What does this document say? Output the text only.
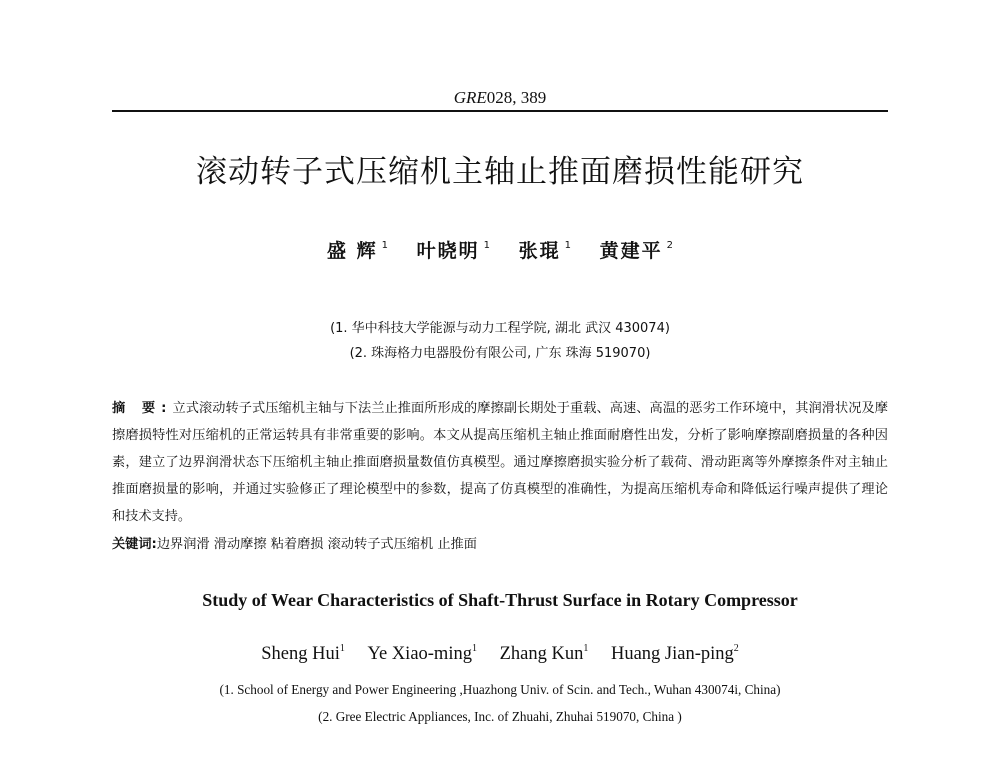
GRE028, 389
滚动转子式压缩机主轴止推面磨损性能研究
盛 辉 $^1$ 叶晓明 $^1$ 张琨 $^1$ 黄建平 $^2$
(1. 华中科技大学能源与动力工程学院, 湖北 武汉 430074)
(2. 珠海格力电器股份有限公司, 广东 珠海 519070)
摘 要:立式滚动转子式压缩机主轴与下法兰止推面所形成的摩擦副长期处于重载、高速、高温的恶劣工作环境中，其润滑状况及摩擦磨损特性对压缩机的正常运转具有非常重要的影响。本文从提高压缩机主轴止推面耐磨性出发，分析了影响摩擦副磨损量的各种因素，建立了边界润滑状态下压缩机主轴止推面磨损量数值仿真模型。通过摩擦磨损实验分析了载荷、滑动距离等外摩擦条件对主轴止推面磨损量的影响，并通过实验修正了理论模型中的参数，提高了仿真模型的准确性，为提高压缩机寿命和降低运行噪声提供了理论和技术支持。
关键词:边界润滑 滑动摩擦 粘着磨损 滚动转子式压缩机 止推面
Study of Wear Characteristics of Shaft-Thrust Surface in Rotary Compressor
Sheng Hui$^1$ Ye Xiao-ming$^1$ Zhang Kun$^1$ Huang Jian-ping$^2$
(1. School of Energy and Power Engineering ,Huazhong Univ. of Scin. and Tech., Wuhan 430074i, China)
(2. Gree Electric Appliances, Inc. of Zhuahi, Zhuhai 519070, China )
